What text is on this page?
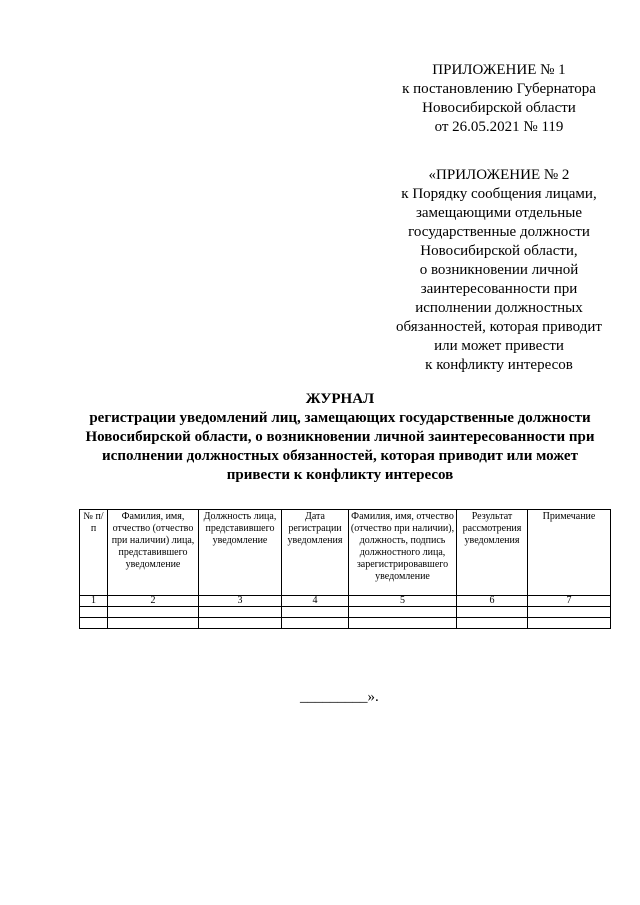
ПРИЛОЖЕНИЕ № 1
к постановлению Губернатора
Новосибирской области
от 26.05.2021 № 119
«ПРИЛОЖЕНИЕ № 2
к Порядку сообщения лицами,
замещающими отдельные
государственные должности
Новосибирской области,
о возникновении личной
заинтересованности при
исполнении должностных
обязанностей, которая приводит
или может привести
к конфликту интересов
ЖУРНАЛ
регистрации уведомлений лиц, замещающих государственные должности
Новосибирской области, о возникновении личной заинтересованности при
исполнении должностных обязанностей, которая приводит или может
привести к конфликту интересов
№ п/п	Фамилия, имя, отчество (отчество при наличии) лица, представившего уведомление	Должность лица, представившего уведомление	Дата регистрации уведомления	Фамилия, имя, отчество (отчество при наличии), должность, подпись должностного лица, зарегистрировавшего уведомление	Результат рассмотрения уведомления	Примечание
1	2	3	4	5	6	7

_________».
